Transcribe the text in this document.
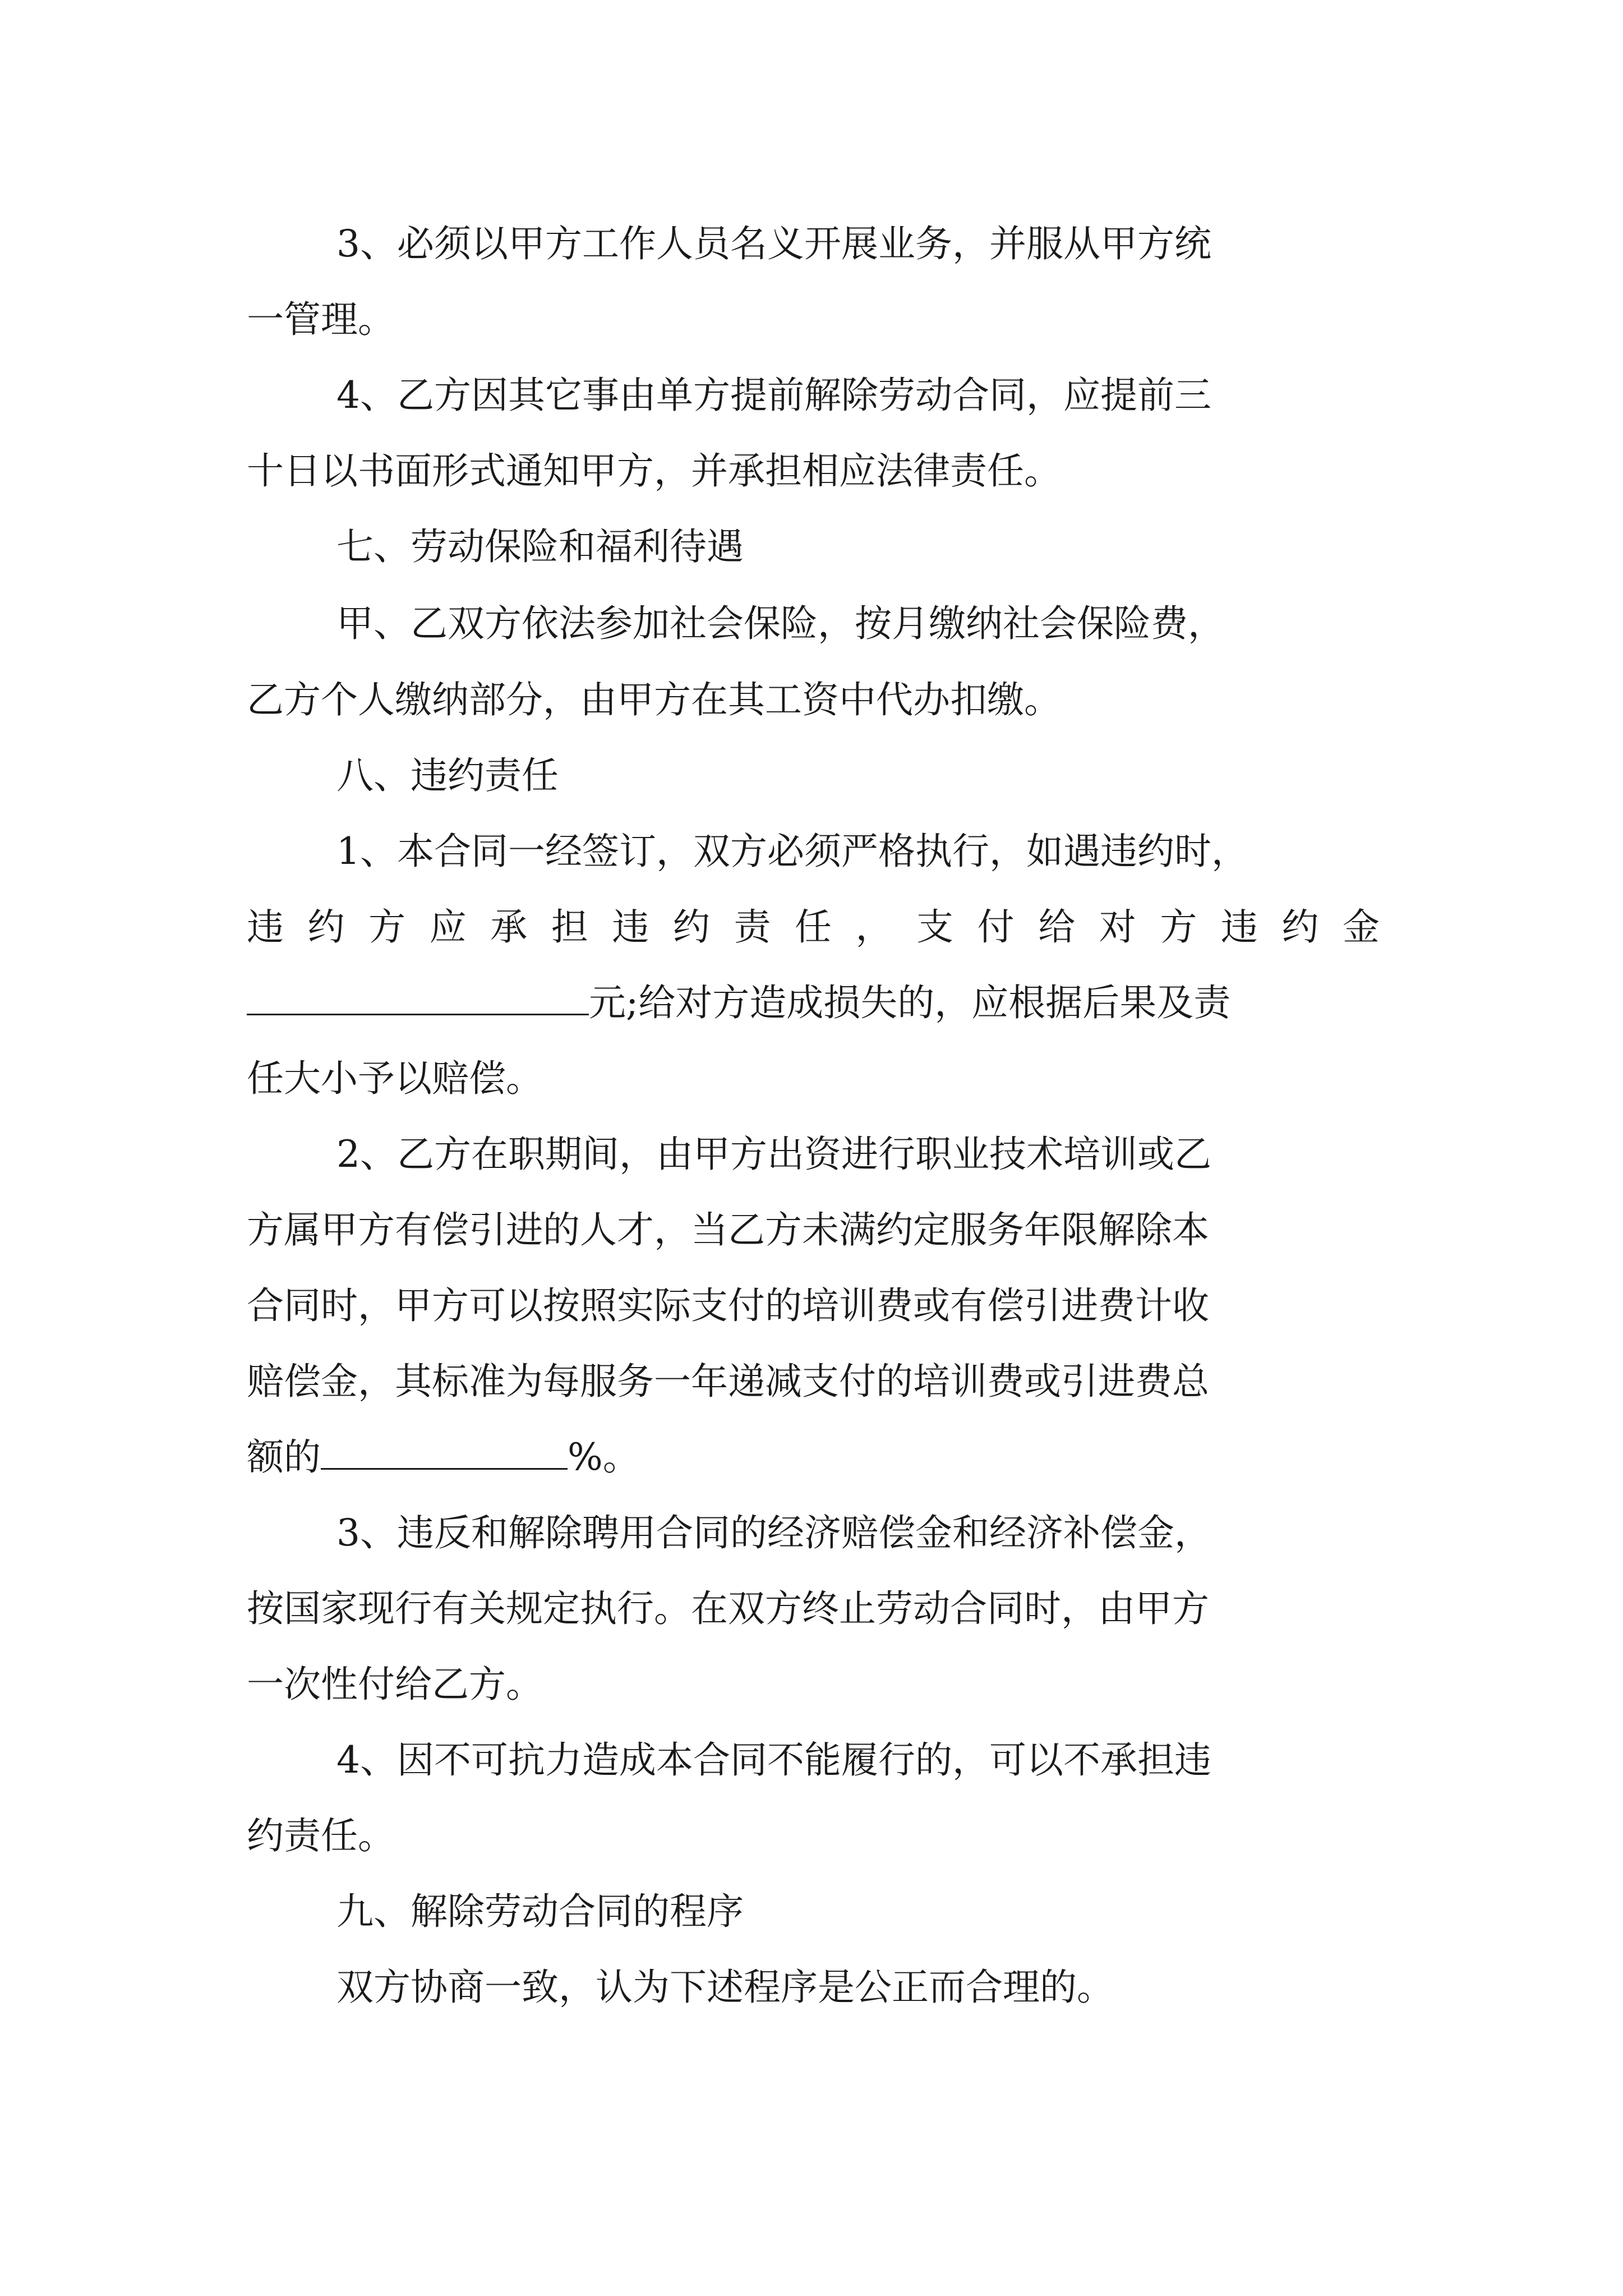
3、必须以甲方工作人员名义开展业务，并服从甲方统
一管理。
4、乙方因其它事由单方提前解除劳动合同，应提前三
十日以书面形式通知甲方，并承担相应法律责任。
七、劳动保险和福利待遇
甲、乙双方依法参加社会保险，按月缴纳社会保险费，
乙方个人缴纳部分，由甲方在其工资中代办扣缴。
八、违约责任
1、本合同一经签订，双方必须严格执行，如遇违约时，
违约方应承担违约责任，支付给对方违约金
元;给对方造成损失的，应根据后果及责
任大小予以赔偿。
2、乙方在职期间，由甲方出资进行职业技术培训或乙
方属甲方有偿引进的人才，当乙方未满约定服务年限解除本
合同时，甲方可以按照实际支付的培训费或有偿引进费计收
赔偿金，其标准为每服务一年递减支付的培训费或引进费总
额的	%。
3、违反和解除聘用合同的经济赔偿金和经济补偿金，
按国家现行有关规定执行。在双方终止劳动合同时，由甲方
一次性付给乙方。
4、因不可抗力造成本合同不能履行的，可以不承担违
约责任。
九、解除劳动合同的程序
双方协商一致，认为下述程序是公正而合理的。
